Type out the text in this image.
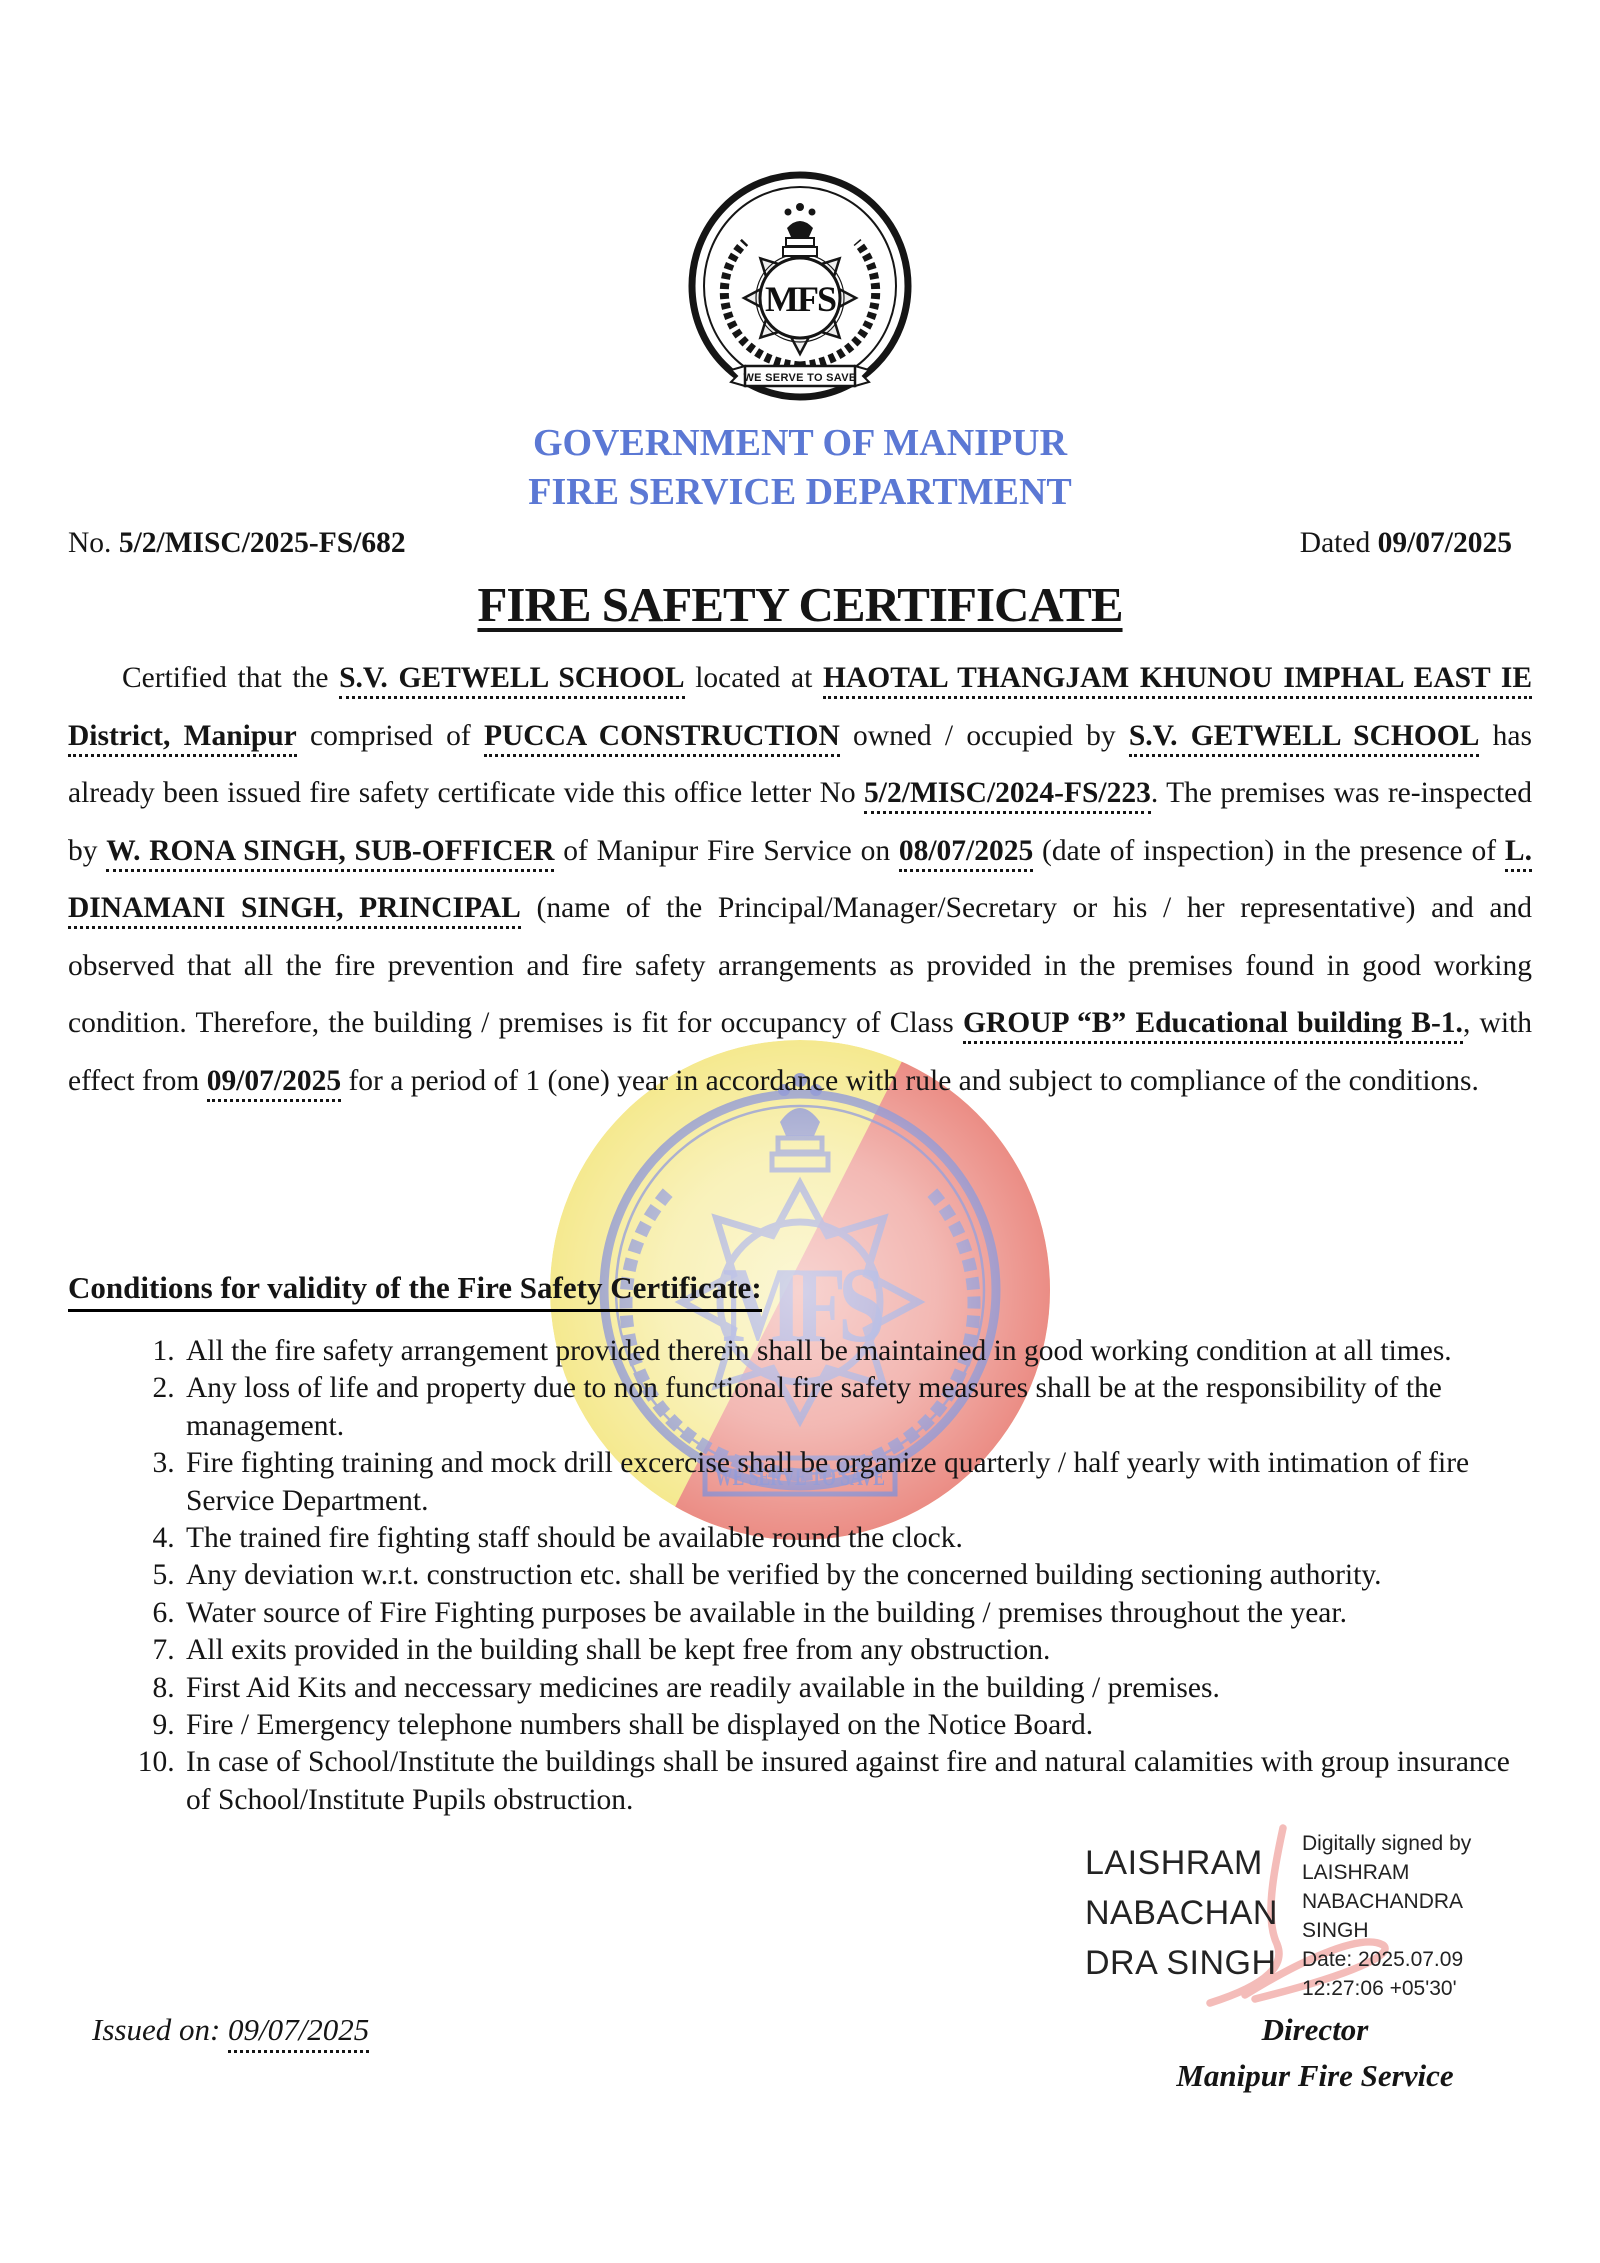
MFS
WE SERVE TO SAVE
GOVERNMENT OF MANIPUR
FIRE SERVICE DEPARTMENT
No. 5/2/MISC/2025-FS/682	Dated 09/07/2025
FIRE SAFETY CERTIFICATE
Certified that the S.V. GETWELL SCHOOL located at HAOTAL THANGJAM KHUNOU IMPHAL EAST IE District, Manipur comprised of PUCCA CONSTRUCTION owned / occupied by S.V. GETWELL SCHOOL has already been issued fire safety certificate vide this office letter No 5/2/MISC/2024-FS/223. The premises was re-inspected by W. RONA SINGH, SUB-OFFICER of Manipur Fire Service on 08/07/2025 (date of inspection) in the presence of L. DINAMANI SINGH, PRINCIPAL (name of the Principal/Manager/Secretary or his / her representative) and and observed that all the fire prevention and fire safety arrangements as provided in the premises found in good working condition. Therefore, the building / premises is fit for occupancy of Class GROUP “B” Educational building B-1., with effect from 09/07/2025 for a period of 1 (one) year in accordance with rule and subject to compliance of the conditions.
Conditions for validity of the Fire Safety Certificate:
1. All the fire safety arrangement provided therein shall be maintained in good working condition at all times.
2. Any loss of life and property due to non functional fire safety measures shall be at the responsibility of the management.
3. Fire fighting training and mock drill excercise shall be organize quarterly / half yearly with intimation of fire Service Department.
4. The trained fire fighting staff should be available round the clock.
5. Any deviation w.r.t. construction etc. shall be verified by the concerned building sectioning authority.
6. Water source of Fire Fighting purposes be available in the building / premises throughout the year.
7. All exits provided in the building shall be kept free from any obstruction.
8. First Aid Kits and neccessary medicines are readily available in the building / premises.
9. Fire / Emergency telephone numbers shall be displayed on the Notice Board.
10. In case of School/Institute the buildings shall be insured against fire and natural calamities with group insurance of School/Institute Pupils obstruction.
LAISHRAM
NABACHAN
DRA SINGH
Digitally signed by
LAISHRAM
NABACHANDRA
SINGH
Date: 2025.07.09
12:27:06 +05'30'
Issued on: 09/07/2025	Director
Manipur Fire Service
